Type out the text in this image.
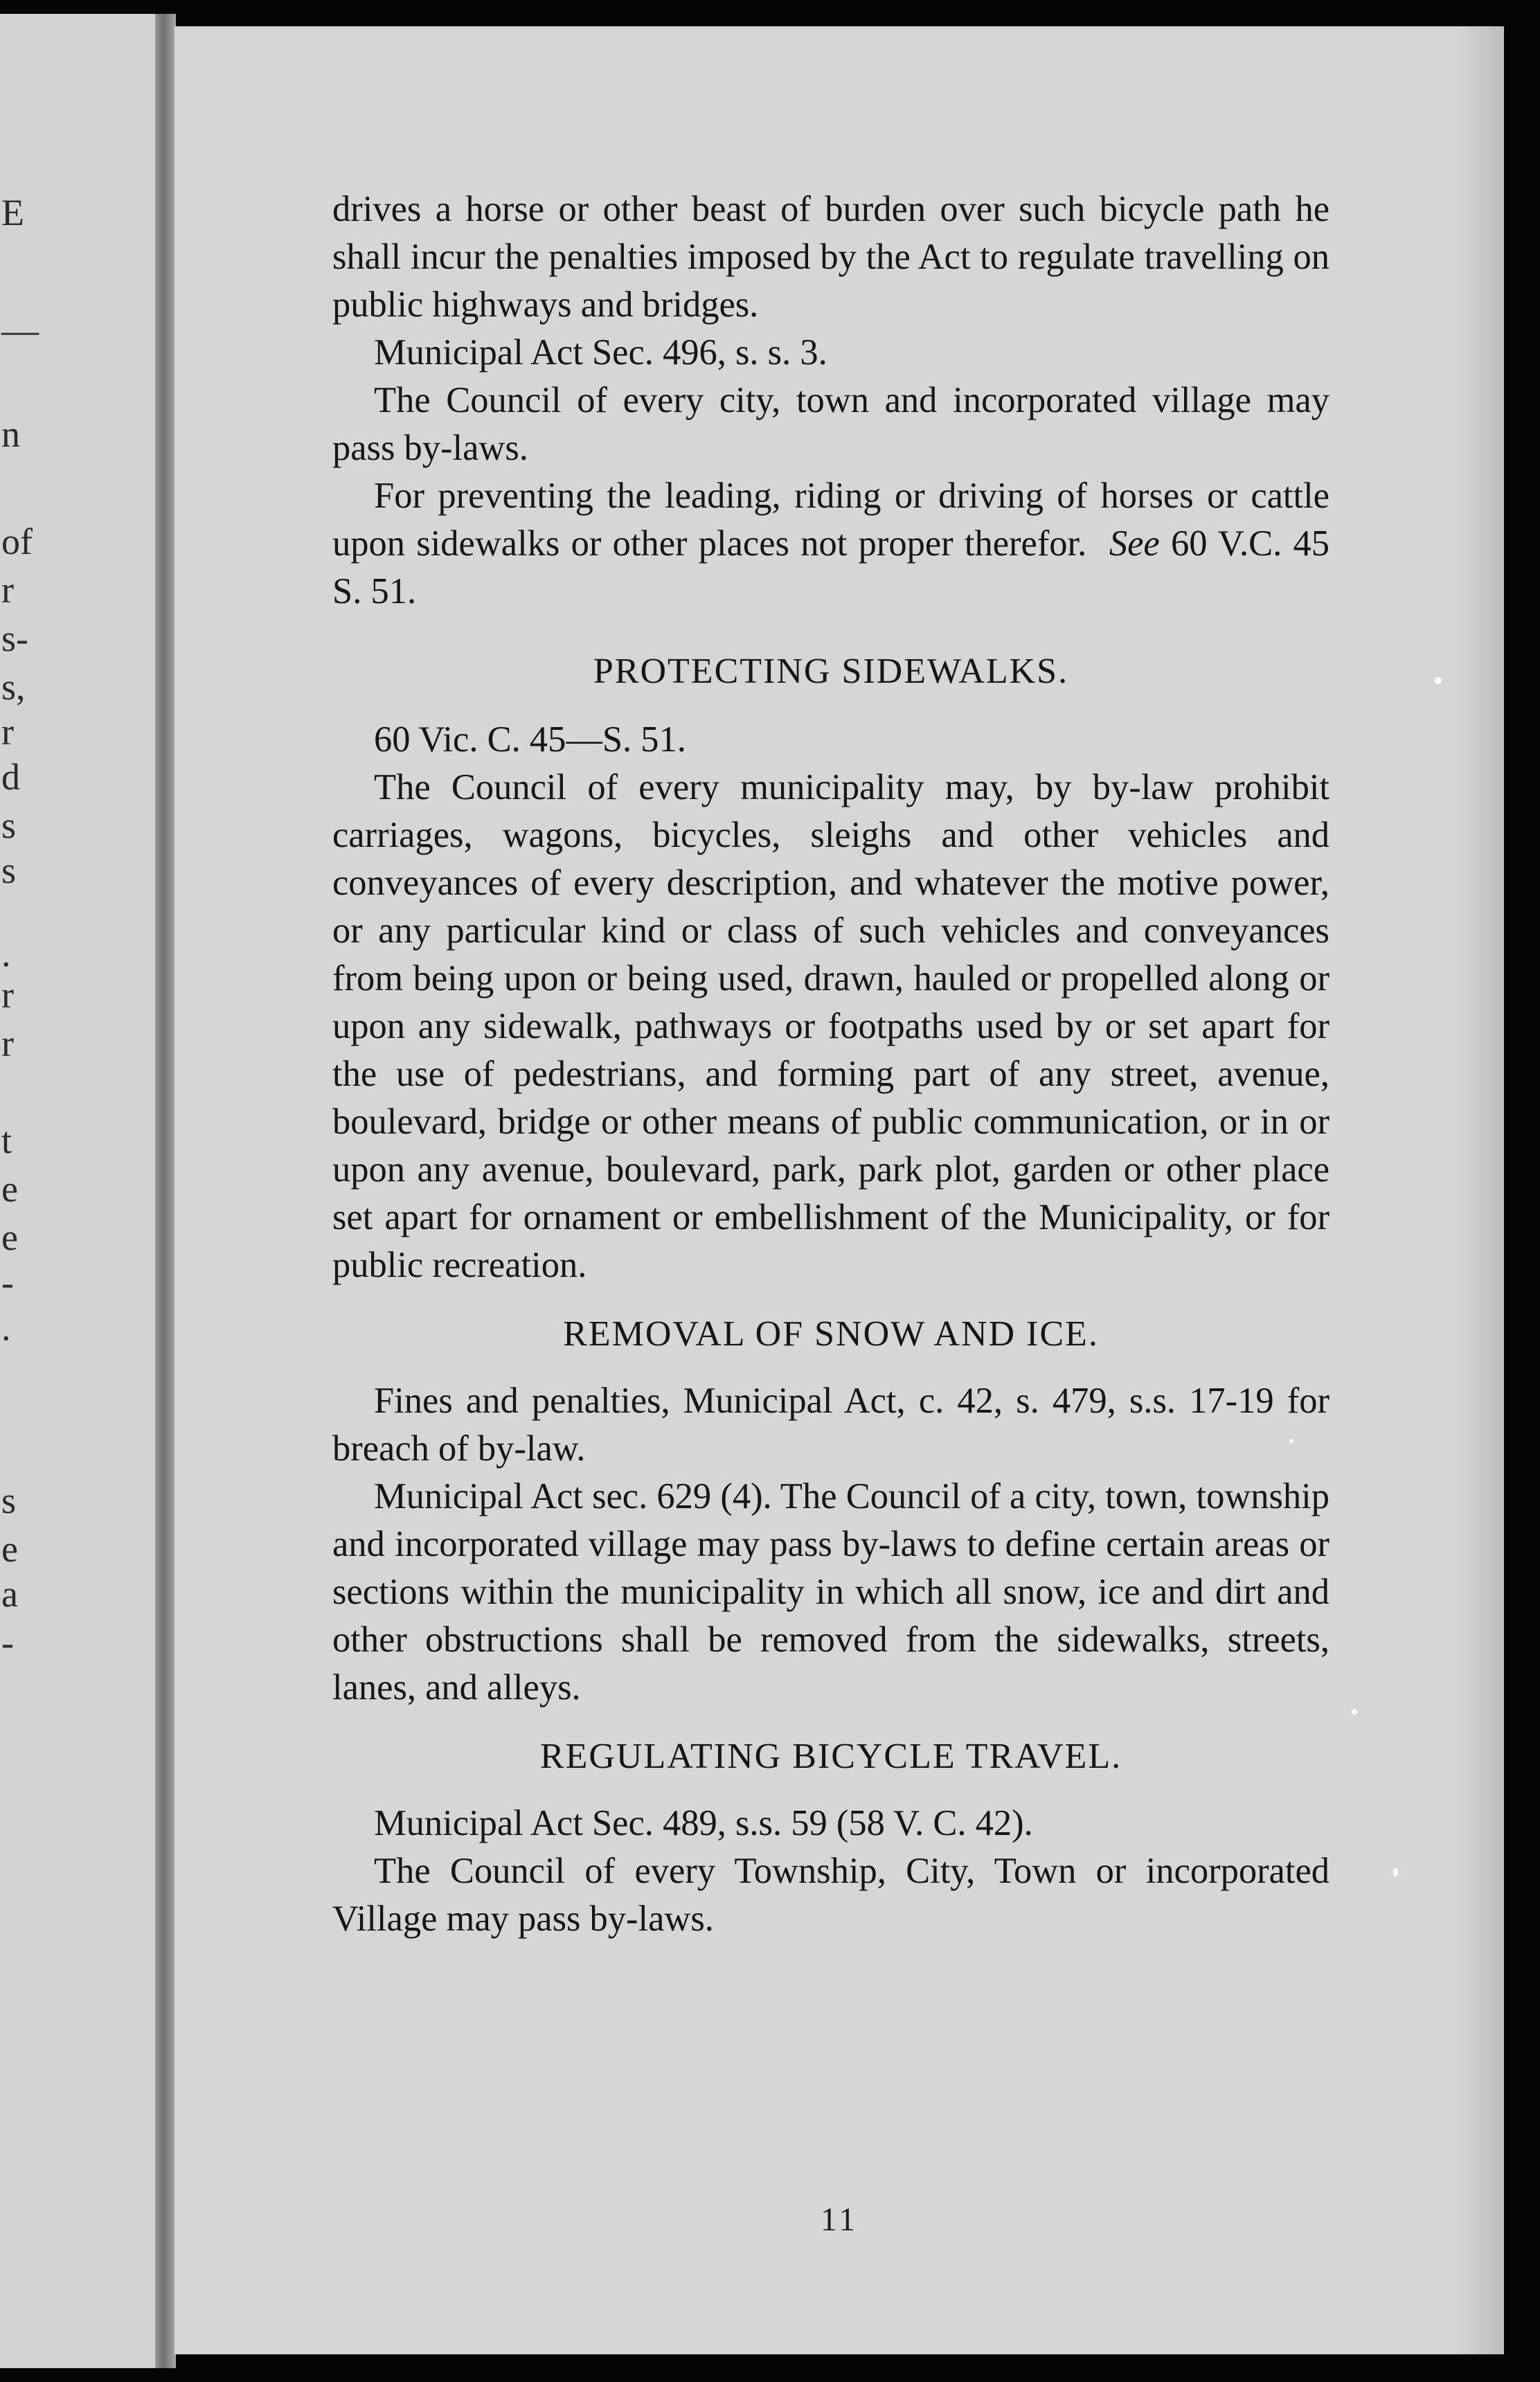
E
—
n
of
r
s-
s,
r
d
s
s
.
r
r
t
e
e
-
.
s
e
a
-

drives a horse or other beast of burden over such bicycle path he shall incur the penalties imposed by the Act to regulate travelling on public highways and bridges.

Municipal Act Sec. 496, s. s. 3.

The Council of every city, town and incorporated village may pass by-laws.

For preventing the leading, riding or driving of horses or cattle upon sidewalks or other places not proper therefor. See 60 V.C. 45 S. 51.

PROTECTING SIDEWALKS.

60 Vic. C. 45—S. 51.

The Council of every municipality may, by by-law prohibit carriages, wagons, bicycles, sleighs and other vehicles and conveyances of every description, and whatever the motive power, or any particular kind or class of such vehicles and conveyances from being upon or being used, drawn, hauled or propelled along or upon any sidewalk, pathways or footpaths used by or set apart for the use of pedestrians, and forming part of any street, avenue, boulevard, bridge or other means of public communication, or in or upon any avenue, boulevard, park, park plot, garden or other place set apart for ornament or embellishment of the Municipality, or for public recreation.

REMOVAL OF SNOW AND ICE.

Fines and penalties, Municipal Act, c. 42, s. 479, s.s. 17-19 for breach of by-law.

Municipal Act sec. 629 (4). The Council of a city, town, township and incorporated village may pass by-laws to define certain areas or sections within the municipality in which all snow, ice and dirt and other obstructions shall be removed from the sidewalks, streets, lanes, and alleys.

REGULATING BICYCLE TRAVEL.

Municipal Act Sec. 489, s.s. 59 (58 V. C. 42).

The Council of every Township, City, Town or incorporated Village may pass by-laws.

11
